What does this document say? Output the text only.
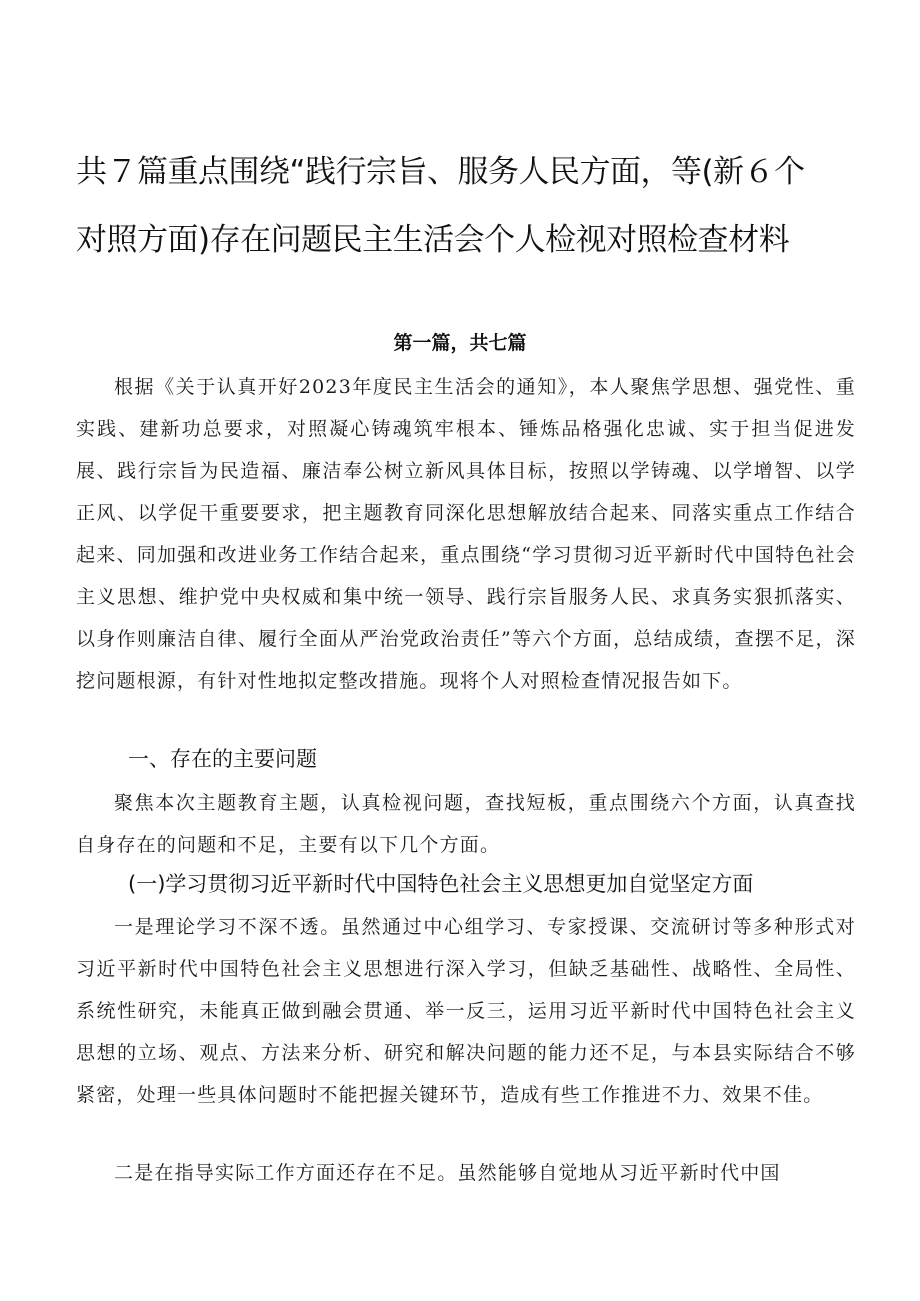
共７篇重点围绕“践行宗旨、服务人民方面，等(新６个
对照方面)存在问题民主生活会个人检视对照检查材料

第一篇，共七篇

根据《关于认真开好2023年度民主生活会的通知》，本人聚焦学思想、强党性、重实践、建新功总要求，对照凝心铸魂筑牢根本、锤炼品格强化忠诚、实于担当促进发展、践行宗旨为民造福、廉洁奉公树立新风具体目标，按照以学铸魂、以学增智、以学正风、以学促干重要要求，把主题教育同深化思想解放结合起来、同落实重点工作结合起来、同加强和改进业务工作结合起来，重点围绕“学习贯彻习近平新时代中国特色社会主义思想、维护党中央权威和集中统一领导、践行宗旨服务人民、求真务实狠抓落实、以身作则廉洁自律、履行全面从严治党政治责任”等六个方面，总结成绩，查摆不足，深挖问题根源，有针对性地拟定整改措施。现将个人对照检查情况报告如下。

一、存在的主要问题

聚焦本次主题教育主题，认真检视问题，查找短板，重点围绕六个方面，认真查找自身存在的问题和不足，主要有以下几个方面。

(一)学习贯彻习近平新时代中国特色社会主义思想更加自觉坚定方面

一是理论学习不深不透。虽然通过中心组学习、专家授课、交流研讨等多种形式对习近平新时代中国特色社会主义思想进行深入学习，但缺乏基础性、战略性、全局性、系统性研究，未能真正做到融会贯通、举一反三，运用习近平新时代中国特色社会主义思想的立场、观点、方法来分析、研究和解决问题的能力还不足，与本县实际结合不够紧密，处理一些具体问题时不能把握关键环节，造成有些工作推进不力、效果不佳。

二是在指导实际工作方面还存在不足。虽然能够自觉地从习近平新时代中国
